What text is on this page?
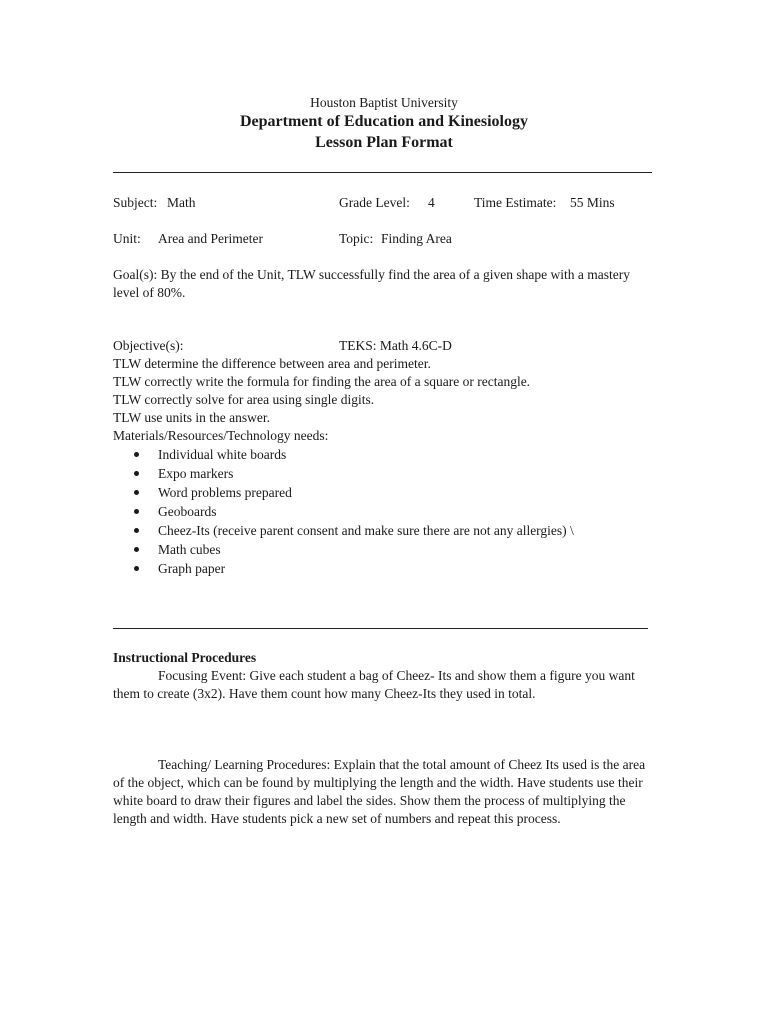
Houston Baptist University
Department of Education and Kinesiology
Lesson Plan Format
Subject: Math	Grade Level: 4	Time Estimate: 55 Mins
Unit: Area and Perimeter	Topic: Finding Area
Goal(s): By the end of the Unit, TLW successfully find the area of a given shape with a mastery level of 80%.
Objective(s):	TEKS: Math 4.6C-D
TLW determine the difference between area and perimeter.
TLW correctly write the formula for finding the area of a square or rectangle.
TLW correctly solve for area using single digits.
TLW use units in the answer.
Materials/Resources/Technology needs:
Individual white boards
Expo markers
Word problems prepared
Geoboards
Cheez-Its (receive parent consent and make sure there are not any allergies) \
Math cubes
Graph paper
Instructional Procedures
Focusing Event: Give each student a bag of Cheez- Its and show them a figure you want them to create (3x2). Have them count how many Cheez-Its they used in total.
Teaching/ Learning Procedures: Explain that the total amount of Cheez Its used is the area of the object, which can be found by multiplying the length and the width. Have students use their white board to draw their figures and label the sides. Show them the process of multiplying the length and width. Have students pick a new set of numbers and repeat this process.
